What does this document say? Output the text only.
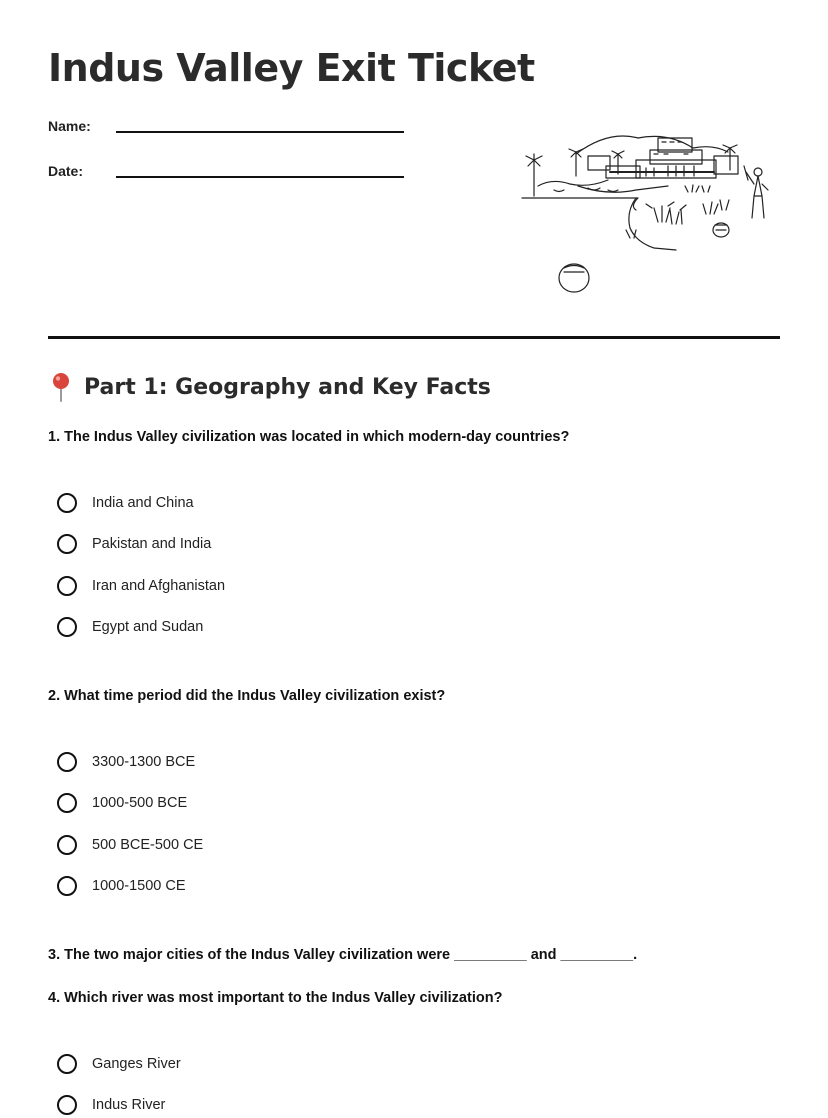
Indus Valley Exit Ticket
Name:
Date:
Part 1: Geography and Key Facts

1. The Indus Valley civilization was located in which modern-day countries?

India and China
Pakistan and India
Iran and Afghanistan
Egypt and Sudan

2. What time period did the Indus Valley civilization exist?

3300-1300 BCE
1000-500 BCE
500 BCE-500 CE
1000-1500 CE

3. The two major cities of the Indus Valley civilization were _________ and _________.

4. Which river was most important to the Indus Valley civilization?

Ganges River
Indus River
